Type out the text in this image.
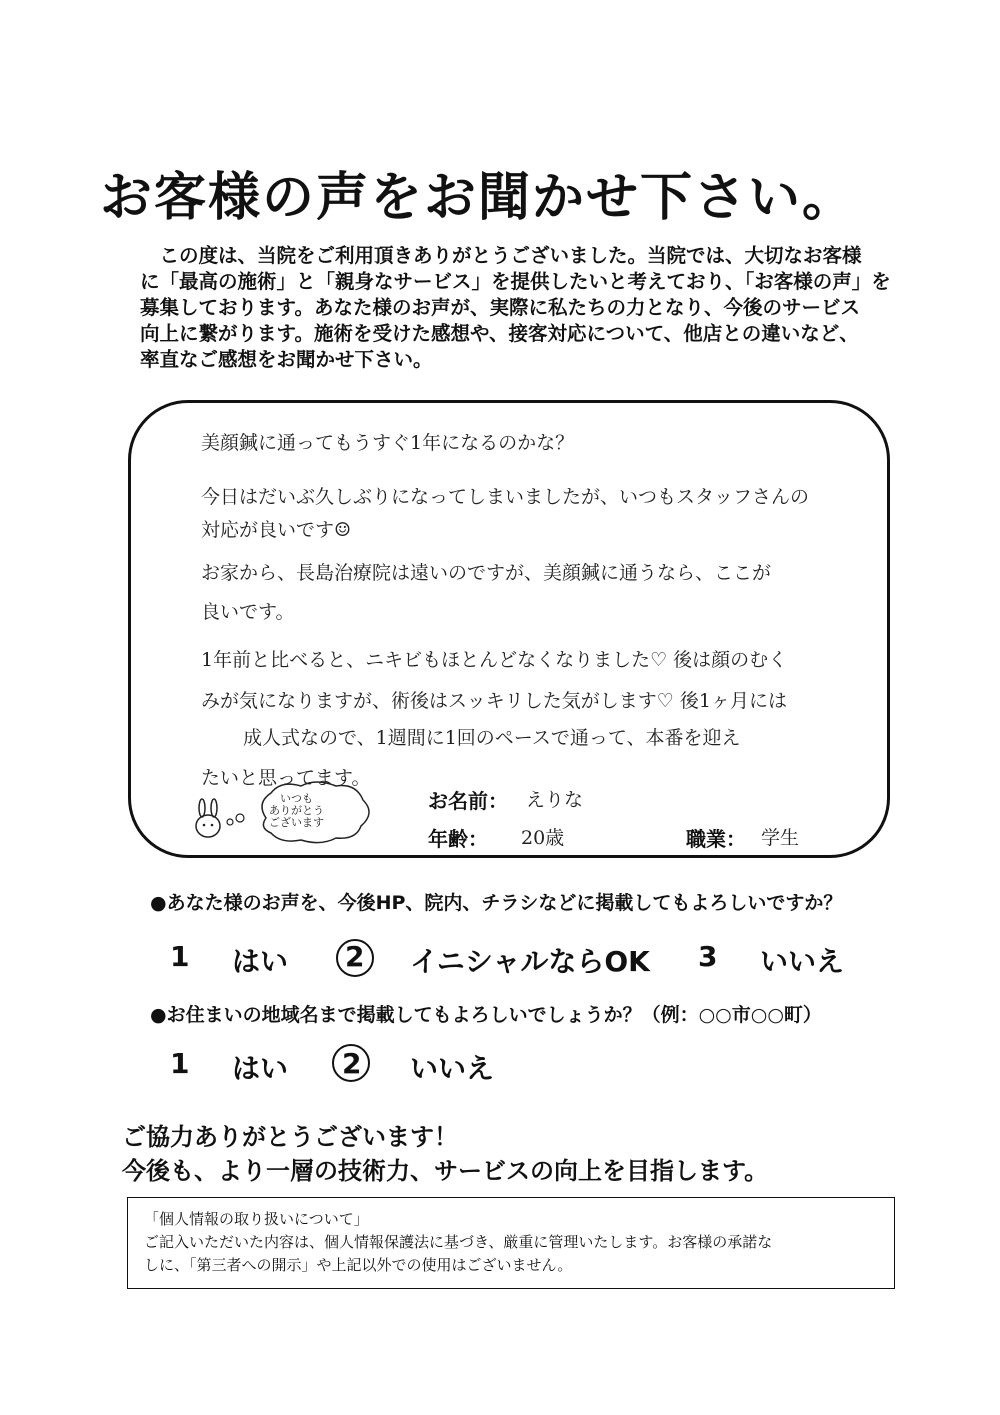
お客様の声をお聞かせ下さい。

　この度は、当院をご利用頂きありがとうございました。当院では、大切なお客様

に「最高の施術」と「親身なサービス」を提供したいと考えており、「お客様の声」を

募集しております。あなた様のお声が、実際に私たちの力となり、今後のサービス

向上に繋がります。施術を受けた感想や、接客対応について、他店との違いなど、

率直なご感想をお聞かせ下さい。

美顔鍼に通ってもうすぐ1年になるのかな？
今日はだいぶ久しぶりになってしまいましたが、いつもスタッフさんの
対応が良いです☺
お家から、長島治療院は遠いのですが、美顔鍼に通うなら、ここが
良いです。
1年前と比べると、ニキビもほとんどなくなりました♡ 後は顔のむく
みが気になりますが、術後はスッキリした気がします♡ 後1ヶ月には
成人式なので、1週間に1回のペースで通って、本番を迎え
たいと思ってます。
いつも
ありがとう
ございます
お名前： えりな
年齢： 20歳	職業： 学生
●あなた様のお声を、今後HP、院内、チラシなどに掲載してもよろしいですか？
1 はい 2 イニシャルならOK 3 いいえ
●お住まいの地域名まで掲載してもよろしいでしょうか？（例：○○市○○町）
1 はい 2 いいえ
ご協力ありがとうございます！
今後も、より一層の技術力、サービスの向上を目指します。
「個人情報の取り扱いについて」
ご記入いただいた内容は、個人情報保護法に基づき、厳重に管理いたします。お客様の承諾な
しに、「第三者への開示」や上記以外での使用はございません。
